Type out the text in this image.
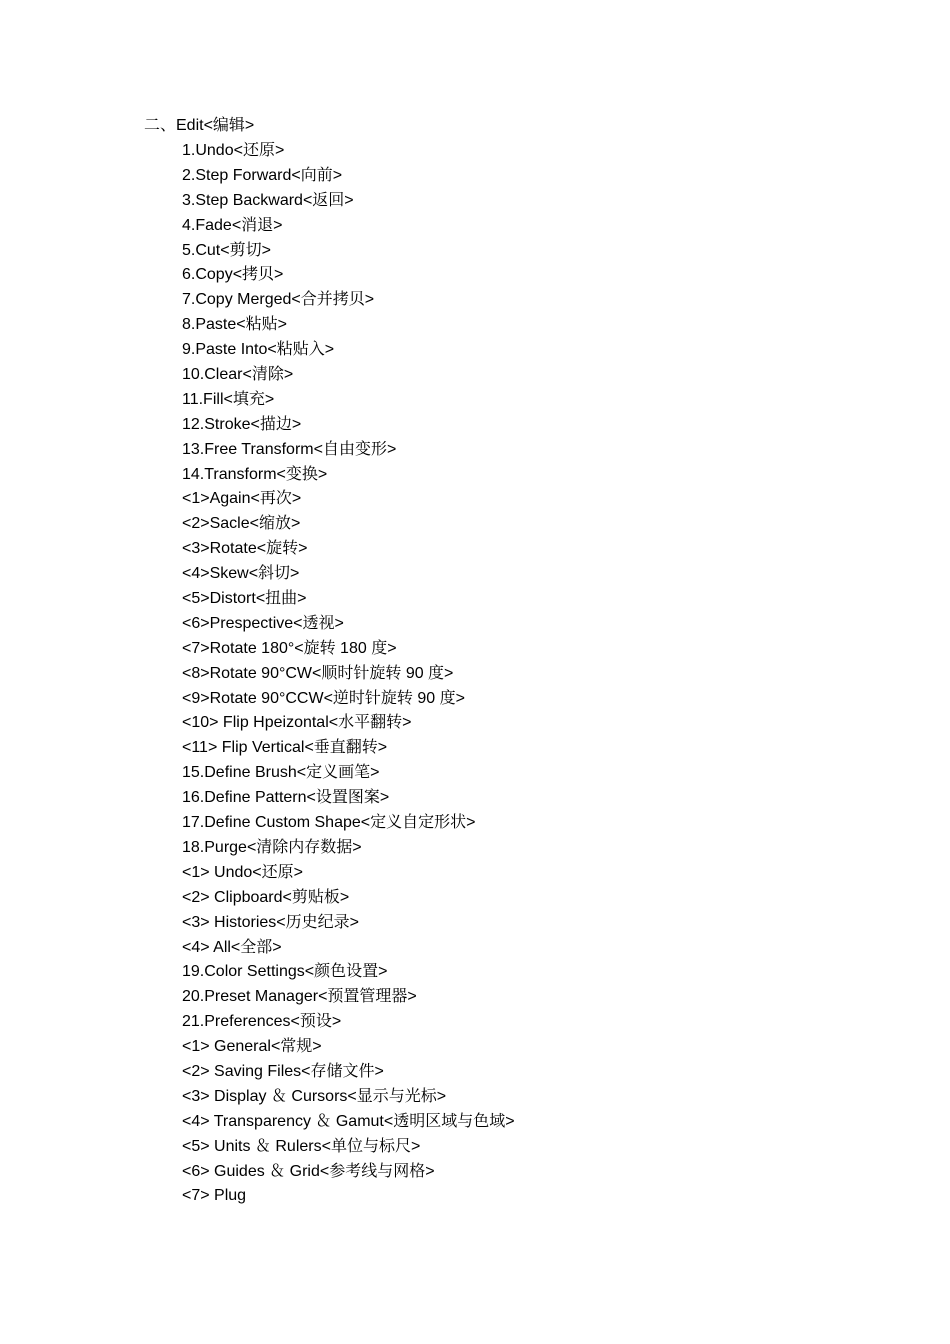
二、Edit<编辑>
1.Undo<还原>
2.Step Forward<向前>
3.Step Backward<返回>
4.Fade<消退>
5.Cut<剪切>
6.Copy<拷贝>
7.Copy Merged<合并拷贝>
8.Paste<粘贴>
9.Paste Into<粘贴入>
10.Clear<清除>
11.Fill<填充>
12.Stroke<描边>
13.Free Transform<自由变形>
14.Transform<变换>
<1>Again<再次>
<2>Sacle<缩放>
<3>Rotate<旋转>
<4>Skew<斜切>
<5>Distort<扭曲>
<6>Prespective<透视>
<7>Rotate 180°<旋转 180 度>
<8>Rotate 90°CW<顺时针旋转 90 度>
<9>Rotate 90°CCW<逆时针旋转 90 度>
<10> Flip Hpeizontal<水平翻转>
<11> Flip Vertical<垂直翻转>
15.Define Brush<定义画笔>
16.Define Pattern<设置图案>
17.Define Custom Shape<定义自定形状>
18.Purge<清除内存数据>
<1> Undo<还原>
<2> Clipboard<剪贴板>
<3> Histories<历史纪录>
<4> All<全部>
19.Color Settings<颜色设置>
20.Preset Manager<预置管理器>
21.Preferences<预设>
<1> General<常规>
<2> Saving Files<存储文件>
<3> Display ＆ Cursors<显示与光标>
<4> Transparency ＆ Gamut<透明区域与色域>
<5> Units ＆ Rulers<单位与标尺>
<6> Guides ＆ Grid<参考线与网格>
<7> Plug
